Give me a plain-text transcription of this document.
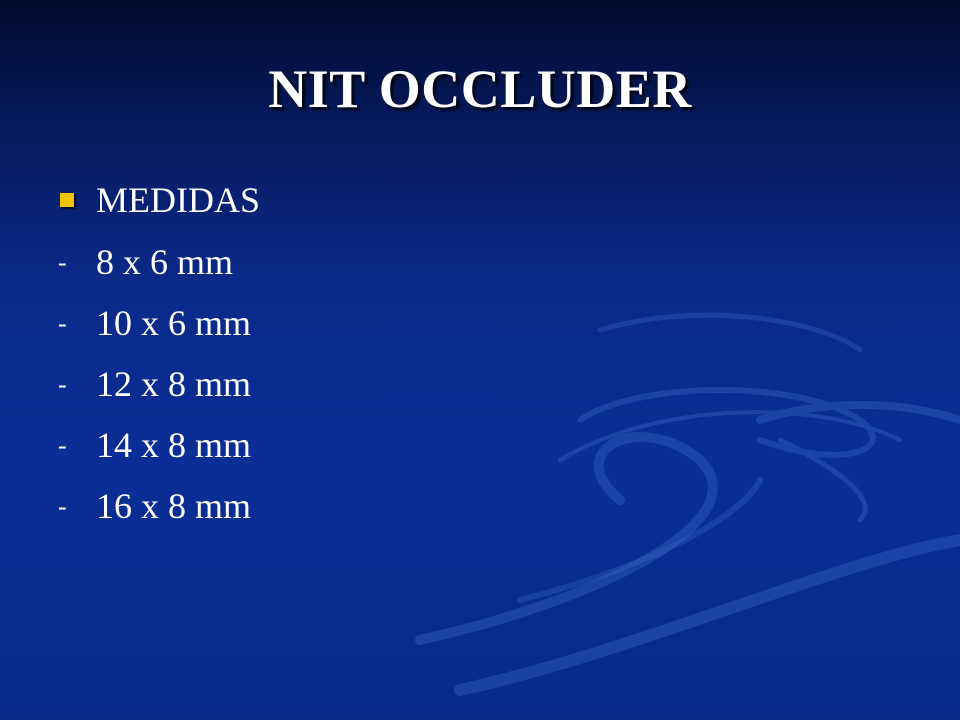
NIT OCCLUDER
MEDIDAS
- 8 x 6 mm
- 10 x 6 mm
- 12 x 8 mm
- 14 x 8 mm
- 16 x 8 mm
